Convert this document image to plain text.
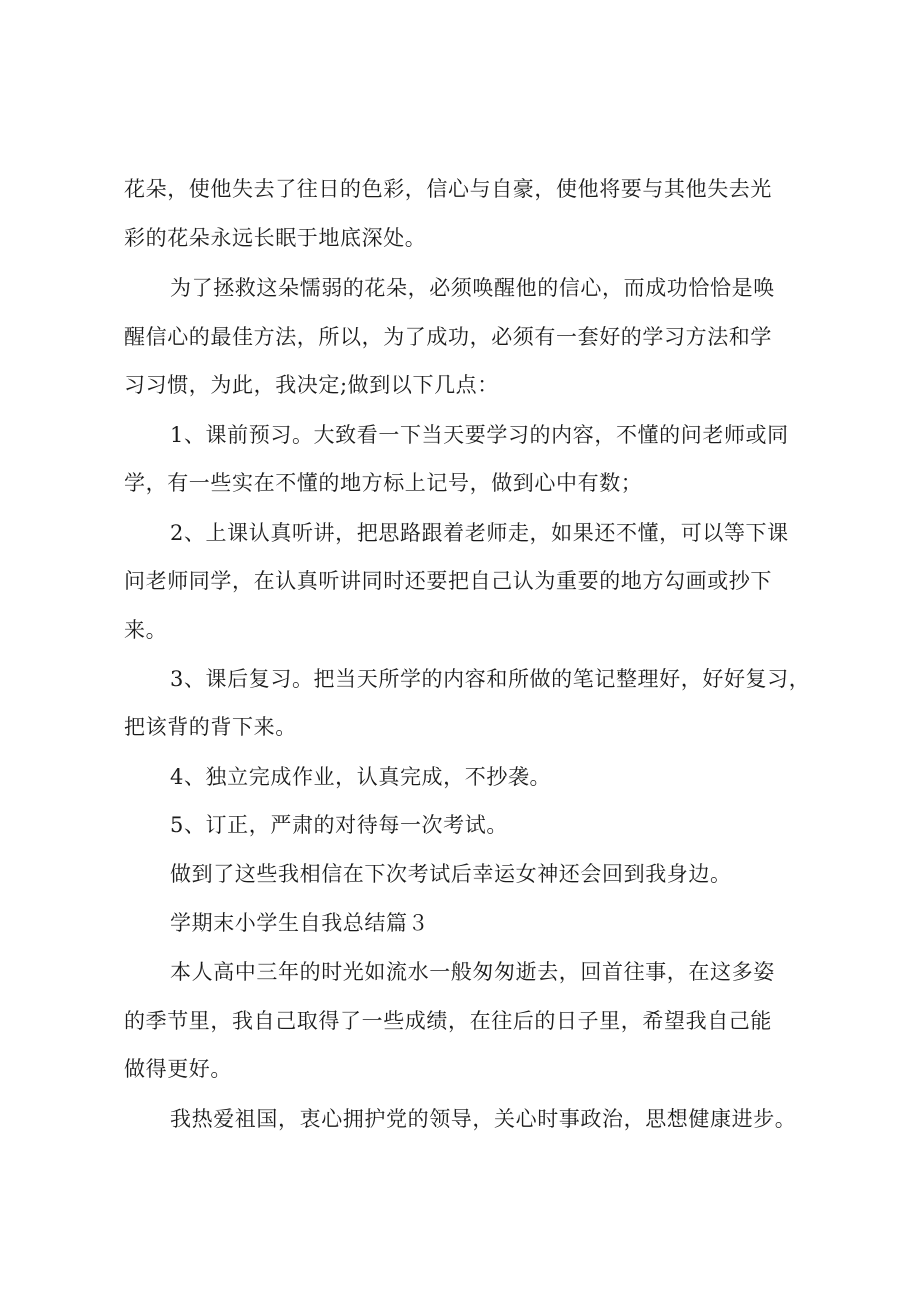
花朵，使他失去了往日的色彩，信心与自豪，使他将要与其他失去光

彩的花朵永远长眠于地底深处。

为了拯救这朵懦弱的花朵，必须唤醒他的信心，而成功恰恰是唤

醒信心的最佳方法，所以，为了成功，必须有一套好的学习方法和学

习习惯，为此，我决定;做到以下几点：

1、课前预习。大致看一下当天要学习的内容，不懂的问老师或同

学，有一些实在不懂的地方标上记号，做到心中有数；

2、上课认真听讲，把思路跟着老师走，如果还不懂，可以等下课

问老师同学，在认真听讲同时还要把自己认为重要的地方勾画或抄下

来。

3、课后复习。把当天所学的内容和所做的笔记整理好，好好复习，

把该背的背下来。

4、独立完成作业，认真完成，不抄袭。

5、订正，严肃的对待每一次考试。

做到了这些我相信在下次考试后幸运女神还会回到我身边。

学期末小学生自我总结篇３

本人高中三年的时光如流水一般匆匆逝去，回首往事，在这多姿

的季节里，我自己取得了一些成绩，在往后的日子里，希望我自己能

做得更好。

我热爱祖国，衷心拥护党的领导，关心时事政治，思想健康进步。
